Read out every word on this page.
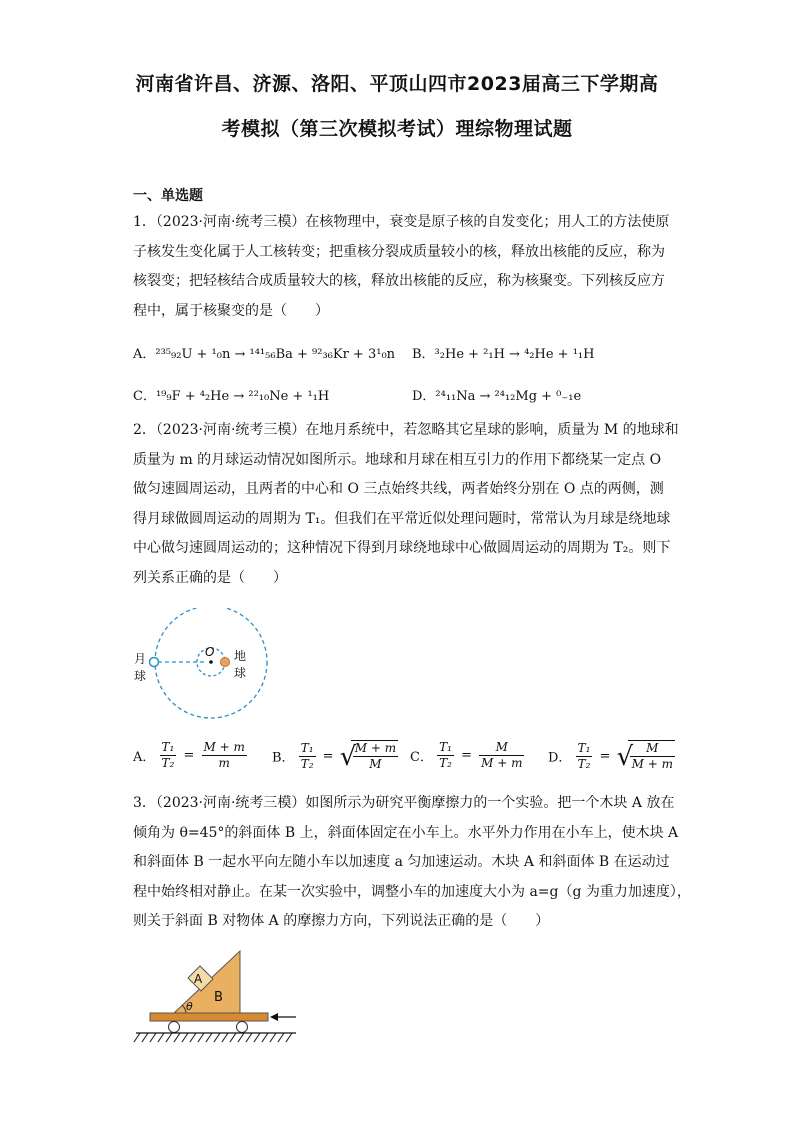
河南省许昌、济源、洛阳、平顶山四市2023届高三下学期高
考模拟（第三次模拟考试）理综物理试题
一、单选题
1．（2023·河南·统考三模）在核物理中，衰变是原子核的自发变化；用人工的方法使原
子核发生变化属于人工核转变；把重核分裂成质量较小的核，释放出核能的反应，称为
核裂变；把轻核结合成质量较大的核，释放出核能的反应，称为核聚变。下列核反应方
程中，属于核聚变的是（　　）
A．²³⁵₉₂U + ¹₀n → ¹⁴¹₅₆Ba + ⁹²₃₆Kr + 3¹₀n B．³₂He + ²₁H → ⁴₂He + ¹₁H
C．¹⁹₉F + ⁴₂He → ²²₁₀Ne + ¹₁H	D．²⁴₁₁Na → ²⁴₁₂Mg + ⁰₋₁e
2．（2023·河南·统考三模）在地月系统中，若忽略其它星球的影响，质量为 M 的地球和
质量为 m 的月球运动情况如图所示。地球和月球在相互引力的作用下都绕某一定点 O
做匀速圆周运动，且两者的中心和 O 三点始终共线，两者始终分别在 O 点的两侧，测
得月球做圆周运动的周期为 T₁。但我们在平常近似处理问题时，常常认为月球是绕地球
中心做匀速圆周运动的；这种情况下得到月球绕地球中心做圆周运动的周期为 T₂。则下
列关系正确的是（　　）
月
球
O 地
球
A． $\frac{\text{T₁}}{\text{T₂}} = \frac{M + m}{m}$ B． $\frac{\text{T₁}}{\text{T₂}}$ = √ $\frac{M + m}{M}$ C． $\frac{\text{T₁}}{\text{T₂}} = \frac{M}{M + m}$ D． $\frac{\text{T₁}}{\text{T₂}}$ = √ $\frac{M}{M + m}$
3．（2023·河南·统考三模）如图所示为研究平衡摩擦力的一个实验。把一个木块 A 放在
倾角为 θ=45°的斜面体 B 上，斜面体固定在小车上。水平外力作用在小车上，使木块 A
和斜面体 B 一起水平向左随小车以加速度 a 匀加速运动。木块 A 和斜面体 B 在运动过
程中始终相对静止。在某一次实验中，调整小车的加速度大小为 a=g（g 为重力加速度），
则关于斜面 B 对物体 A 的摩擦力方向，下列说法正确的是（　　）
A
B
θ
